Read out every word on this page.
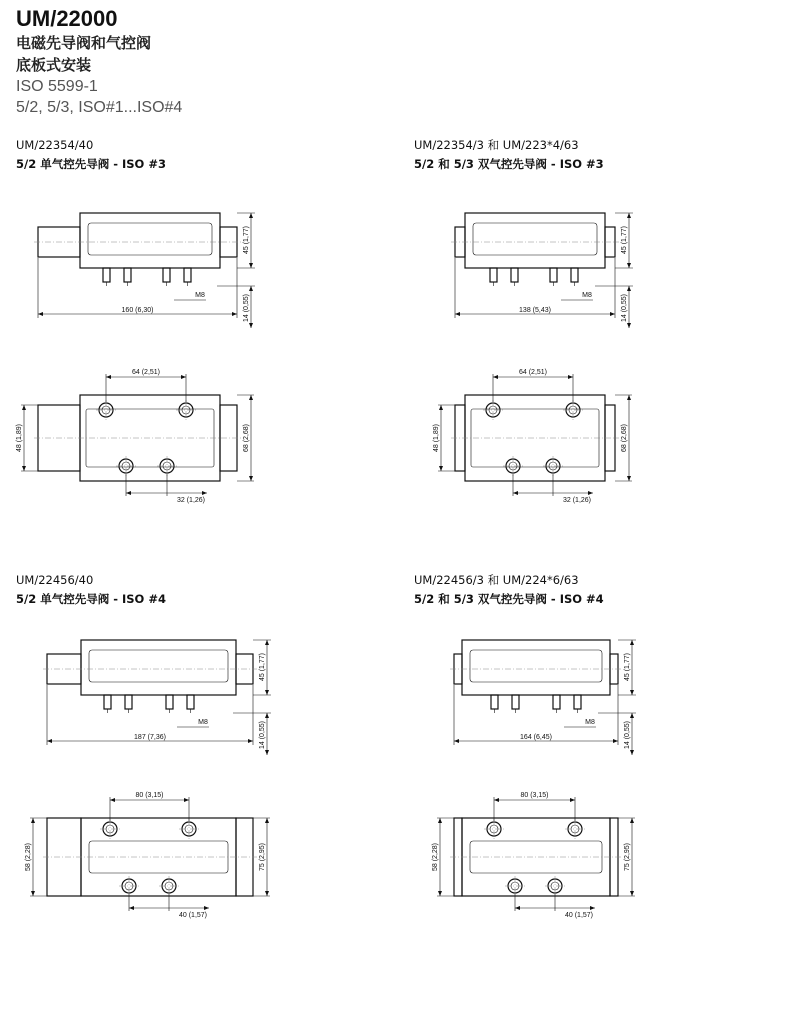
UM/22000
电磁先导阀和气控阀
底板式安装
ISO 5599-1
5/2, 5/3, ISO#1...ISO#4
UM/22354/40
5/2 单气控先导阀 - ISO #3
UM/22354/3 和 UM/223*4/63
5/2 和 5/3 双气控先导阀 - ISO #3
UM/22456/40
5/2 单气控先导阀 - ISO #4
UM/22456/3 和 UM/224*6/63
5/2 和 5/3 双气控先导阀 - ISO #4
45 (1,77)
14 (0,55)
M8
160 (6,30)
64 (2,51)
32 (1,26)
48 (1,89)	68 (2,68)
45 (1,77)
14 (0,55)
M8
138 (5,43)
64 (2,51)
32 (1,26)
48 (1,89)	68 (2,68)
45 (1,77)
14 (0,55)
M8
187 (7,36)
80 (3,15)
40 (1,57)
58 (2,28)	75 (2,95)
45 (1,77)
14 (0,55)
M8
164 (6,45)
80 (3,15)
40 (1,57)
58 (2,28)	75 (2,95)
